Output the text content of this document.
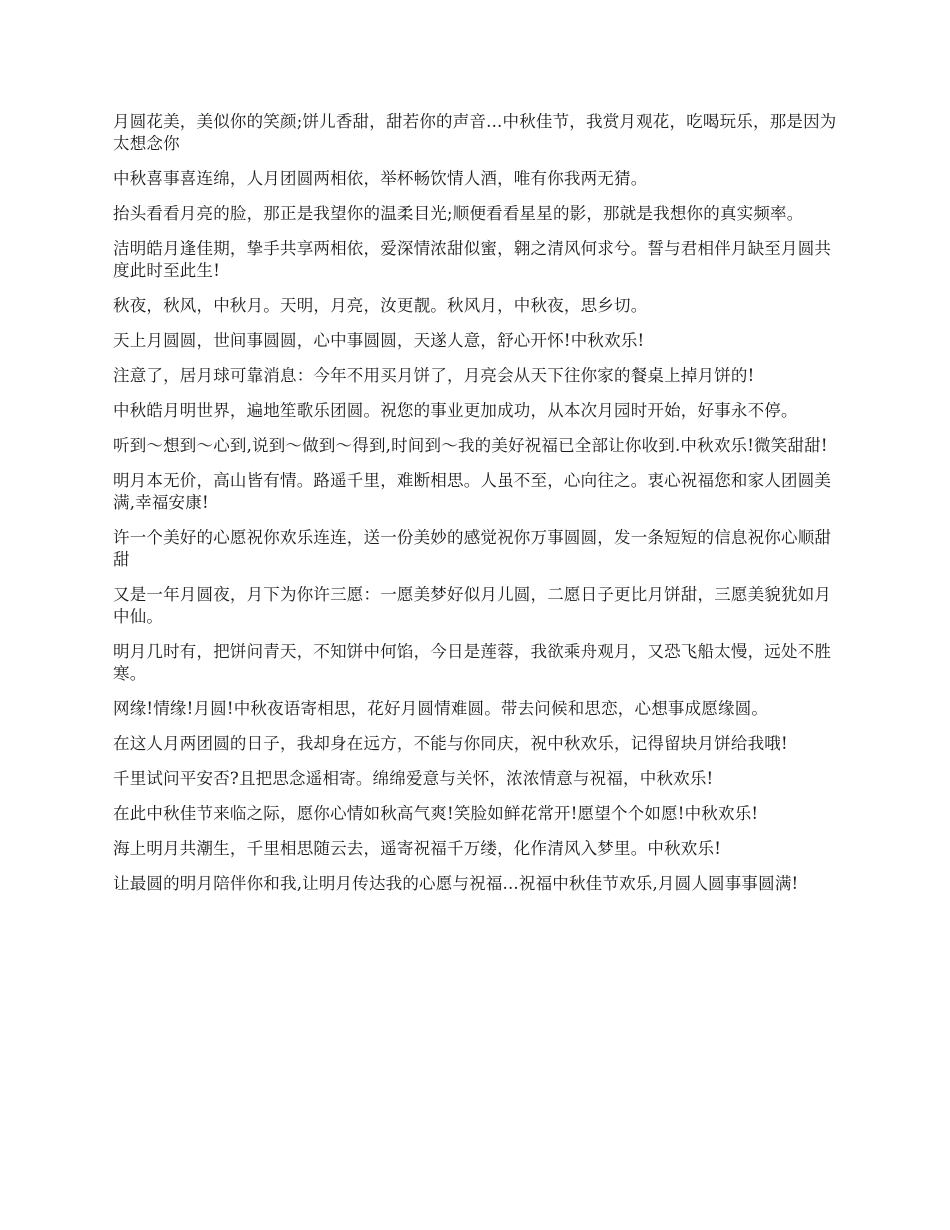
月圆花美，美似你的笑颜;饼儿香甜，甜若你的声音...中秋佳节，我赏月观花，吃喝玩乐，那是因为太想念你

中秋喜事喜连绵，人月团圆两相依，举杯畅饮情人酒，唯有你我两无猜。

抬头看看月亮的脸，那正是我望你的温柔目光;顺便看看星星的影，那就是我想你的真实频率。

洁明皓月逢佳期，挚手共享两相依，爱深情浓甜似蜜，翱之清风何求兮。誓与君相伴月缺至月圆共度此时至此生!

秋夜，秋风，中秋月。天明，月亮，汝更靓。秋风月，中秋夜，思乡切。

天上月圆圆，世间事圆圆，心中事圆圆，天遂人意，舒心开怀!中秋欢乐!

注意了，居月球可靠消息：今年不用买月饼了，月亮会从天下往你家的餐桌上掉月饼的!

中秋皓月明世界，遍地笙歌乐团圆。祝您的事业更加成功，从本次月园时开始，好事永不停。

听到～想到～心到,说到～做到～得到,时间到～我的美好祝福已全部让你收到.中秋欢乐!微笑甜甜!

明月本无价，高山皆有情。路遥千里，难断相思。人虽不至，心向往之。衷心祝福您和家人团圆美满,幸福安康!

许一个美好的心愿祝你欢乐连连，送一份美妙的感觉祝你万事圆圆，发一条短短的信息祝你心顺甜甜

又是一年月圆夜，月下为你许三愿：一愿美梦好似月儿圆，二愿日子更比月饼甜，三愿美貌犹如月中仙。

明月几时有，把饼问青天，不知饼中何馅，今日是莲蓉，我欲乘舟观月，又恐飞船太慢，远处不胜寒。

网缘!情缘!月圆!中秋夜语寄相思，花好月圆情难圆。带去问候和思恋，心想事成愿缘圆。

在这人月两团圆的日子，我却身在远方，不能与你同庆，祝中秋欢乐，记得留块月饼给我哦!

千里试问平安否?且把思念遥相寄。绵绵爱意与关怀，浓浓情意与祝福，中秋欢乐!

在此中秋佳节来临之际，愿你心情如秋高气爽!笑脸如鲜花常开!愿望个个如愿!中秋欢乐!

海上明月共潮生，千里相思随云去，遥寄祝福千万缕，化作清风入梦里。中秋欢乐!

让最圆的明月陪伴你和我,让明月传达我的心愿与祝福...祝福中秋佳节欢乐,月圆人圆事事圆满!
